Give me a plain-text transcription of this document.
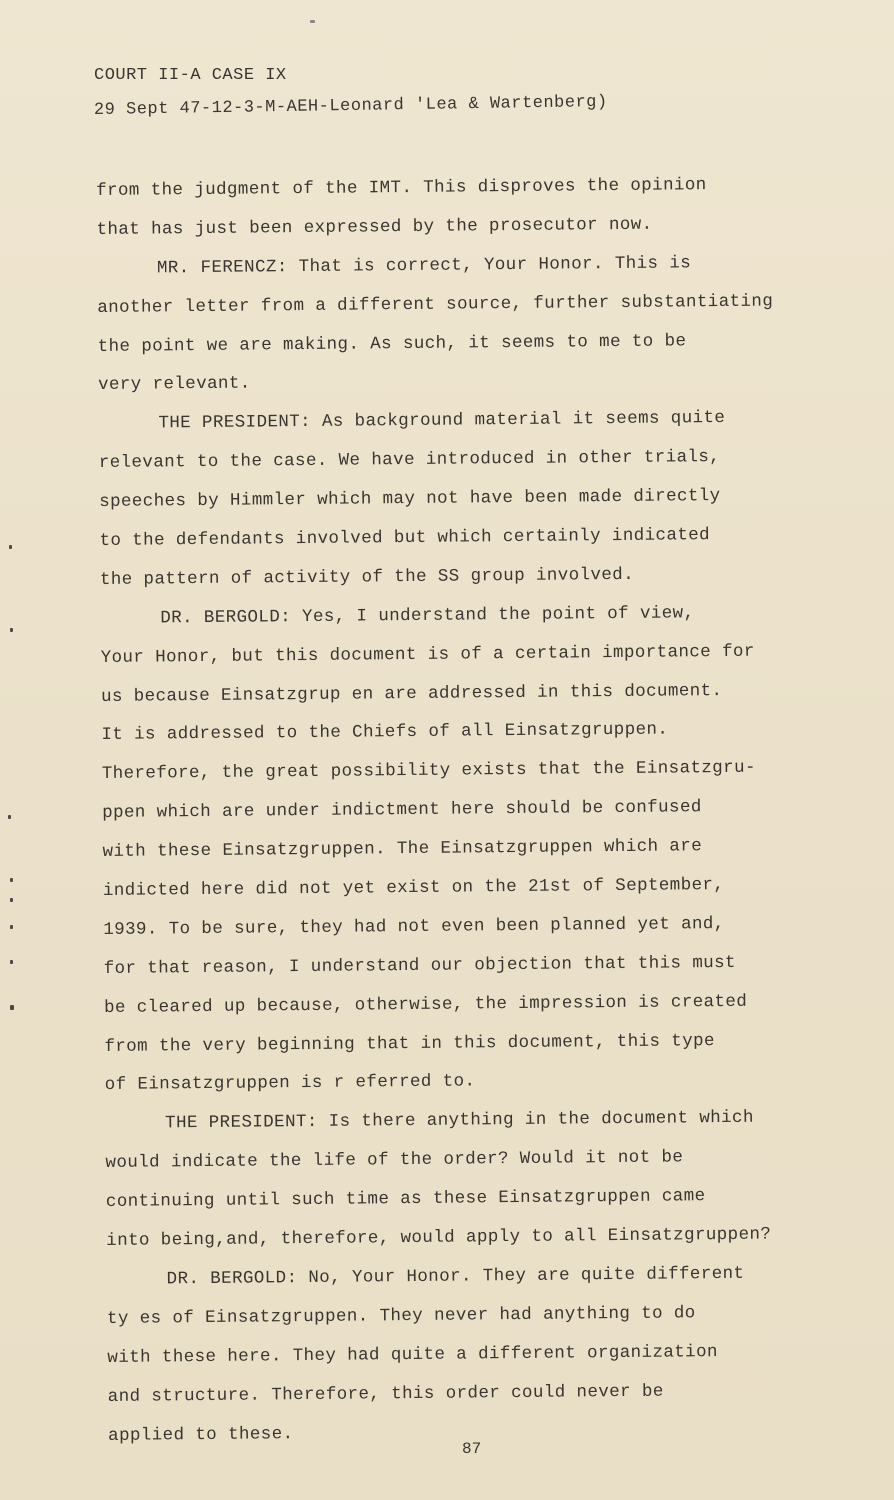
COURT II-A CASE IX
29 Sept 47-12-3-M-AEH-Leonard 'Lea & Wartenberg)
from the judgment of the IMT. This disproves the opinion
that has just been expressed by the prosecutor now.
MR. FERENCZ: That is correct, Your Honor. This is
another letter from a different source, further substantiating
the point we are making. As such, it seems to me to be
very relevant.
THE PRESIDENT: As background material it seems quite
relevant to the case. We have introduced in other trials,
speeches by Himmler which may not have been made directly
to the defendants involved but which certainly indicated
the pattern of activity of the SS group involved.
DR. BERGOLD: Yes, I understand the point of view,
Your Honor, but this document is of a certain importance for
us because Einsatzgrup en are addressed in this document.
It is addressed to the Chiefs of all Einsatzgruppen.
Therefore, the great possibility exists that the Einsatzgru-
ppen which are under indictment here should be confused
with these Einsatzgruppen. The Einsatzgruppen which are
indicted here did not yet exist on the 21st of September,
1939. To be sure, they had not even been planned yet and,
for that reason, I understand our objection that this must
be cleared up because, otherwise, the impression is created
from the very beginning that in this document, this type
of Einsatzgruppen is r eferred to.
THE PRESIDENT: Is there anything in the document which
would indicate the life of the order? Would it not be
continuing until such time as these Einsatzgruppen came
into being,and, therefore, would apply to all Einsatzgruppen?
DR. BERGOLD: No, Your Honor. They are quite different
ty es of Einsatzgruppen. They never had anything to do
with these here. They had quite a different organization
and structure. Therefore, this order could never be
applied to these.
87
